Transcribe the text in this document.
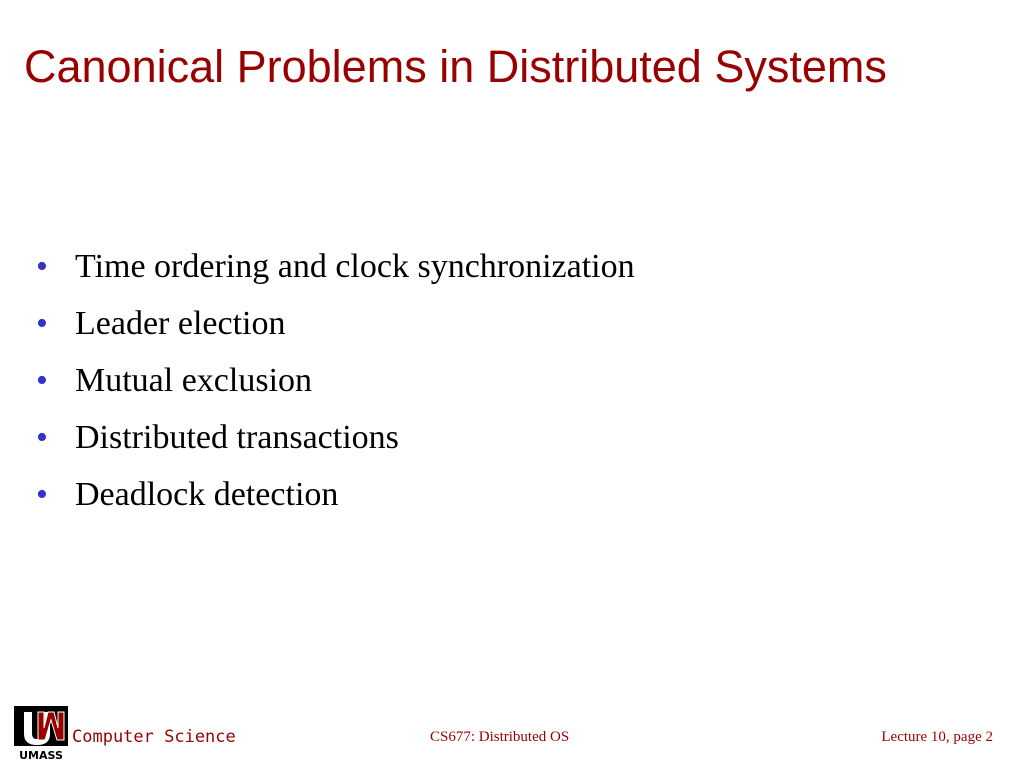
Canonical Problems in Distributed Systems
• Time ordering and clock synchronization
• Leader election
• Mutual exclusion
• Distributed transactions
• Deadlock detection
UMASS
Computer Science	CS677: Distributed OS	Lecture 10, page 2
